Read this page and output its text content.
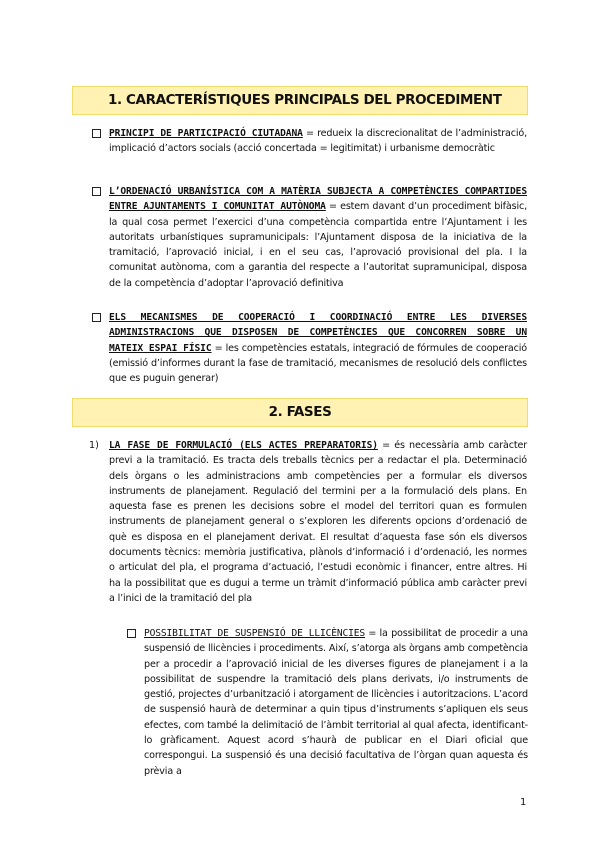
1. CARACTERÍSTIQUES PRINCIPALS DEL PROCEDIMENT
PRINCIPI DE PARTICIPACIÓ CIUTADANA = redueix la discrecionalitat de l’administració, implicació d’actors socials (acció concertada = legitimitat) i urbanisme democràtic
L’ORDENACIÓ URBANÍSTICA COM A MATÈRIA SUBJECTA A COMPETÈNCIES COMPARTIDES ENTRE AJUNTAMENTS I COMUNITAT AUTÒNOMA = estem davant d’un procediment bifàsic, la qual cosa permet l’exercici d’una competència compartida entre l’Ajuntament i les autoritats urbanístiques supramunicipals: l’Ajuntament disposa de la iniciativa de la tramitació, l’aprovació inicial, i en el seu cas, l’aprovació provisional del pla. I la comunitat autònoma, com a garantia del respecte a l’autoritat supramunicipal, disposa de la competència d’adoptar l’aprovació definitiva
ELS MECANISMES DE COOPERACIÓ I COORDINACIÓ ENTRE LES DIVERSES ADMINISTRACIONS QUE DISPOSEN DE COMPETÈNCIES QUE CONCORREN SOBRE UN MATEIX ESPAI FÍSIC = les competències estatals, integració de fórmules de cooperació (emissió d’informes durant la fase de tramitació, mecanismes de resolució dels conflictes que es puguin generar)
2. FASES
1) LA FASE DE FORMULACIÓ (ELS ACTES PREPARATORIS) = és necessària amb caràcter previ a la tramitació. Es tracta dels treballs tècnics per a redactar el pla. Determinació dels òrgans o les administracions amb competències per a formular els diversos instruments de planejament. Regulació del termini per a la formulació dels plans. En aquesta fase es prenen les decisions sobre el model del territori quan es formulen instruments de planejament general o s’exploren les diferents opcions d’ordenació de què es disposa en el planejament derivat. El resultat d’aquesta fase són els diversos documents tècnics: memòria justificativa, plànols d’informació i d’ordenació, les normes o articulat del pla, el programa d’actuació, l’estudi econòmic i financer, entre altres. Hi ha la possibilitat que es dugui a terme un tràmit d’informació pública amb caràcter previ a l’inici de la tramitació del pla
POSSIBILITAT DE SUSPENSIÓ DE LLICÈNCIES = la possibilitat de procedir a una suspensió de llicències i procediments. Així, s’atorga als òrgans amb competència per a procedir a l’aprovació inicial de les diverses figures de planejament i a la possibilitat de suspendre la tramitació dels plans derivats, i/o instruments de gestió, projectes d’urbanització i atorgament de llicències i autoritzacions. L’acord de suspensió haurà de determinar a quin tipus d’instruments s’apliquen els seus efectes, com també la delimitació de l’àmbit territorial al qual afecta, identificant-lo gràficament. Aquest acord s’haurà de publicar en el Diari oficial que correspongui. La suspensió és una decisió facultativa de l’òrgan quan aquesta és prèvia a
1
